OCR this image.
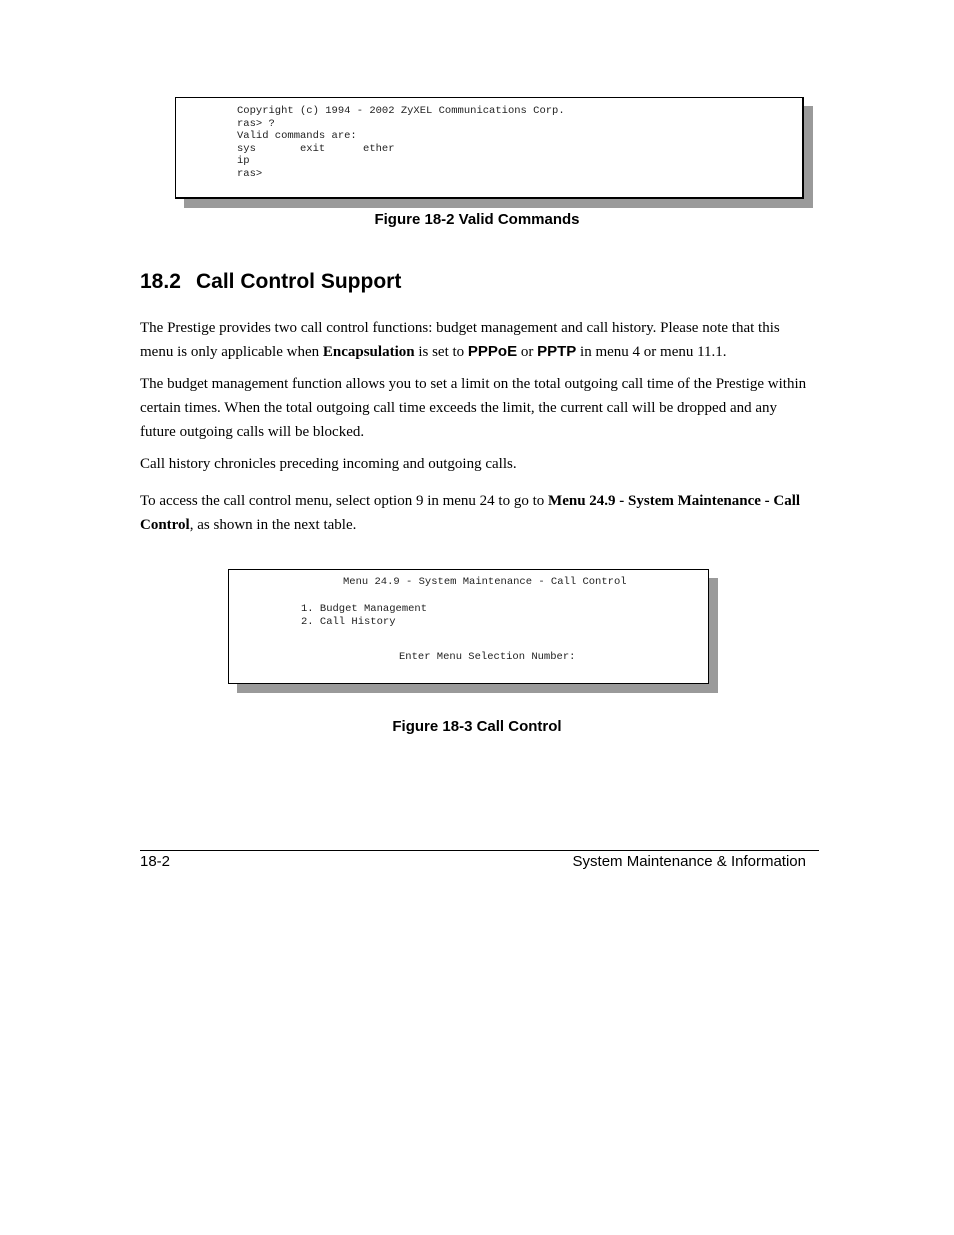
Copyright (c) 1994 - 2002 ZyXEL Communications Corp.
ras> ?
Valid commands are:
sys       exit      ether
ip
ras>
Figure 18-2 Valid Commands
18.2 Call Control Support

The Prestige provides two call control functions: budget management and call history. Please note that this menu is only applicable when Encapsulation is set to PPPoE or PPTP in menu 4 or menu 11.1.

The budget management function allows you to set a limit on the total outgoing call time of the Prestige within certain times. When the total outgoing call time exceeds the limit, the current call will be dropped and any future outgoing calls will be blocked.

Call history chronicles preceding incoming and outgoing calls.

To access the call control menu, select option 9 in menu 24 to go to Menu 24.9 - System Maintenance - Call Control, as shown in the next table.

Menu 24.9 - System Maintenance - Call Control
1. Budget Management
2. Call History
Enter Menu Selection Number:
Figure 18-3 Call Control
18-2	System Maintenance & Information
